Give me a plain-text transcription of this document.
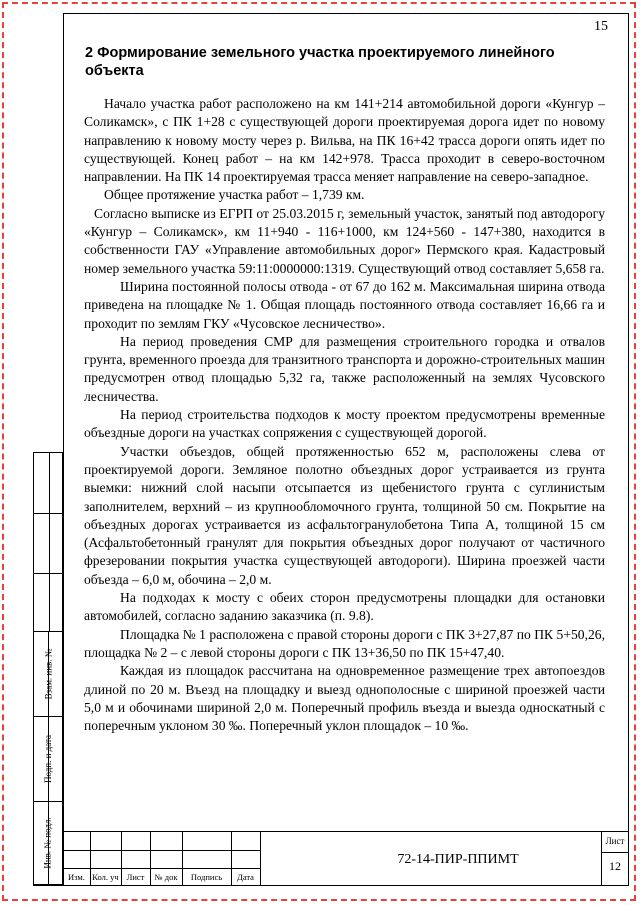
15
2 Формирование земельного участка проектируемого линейного объекта

Начало участка работ расположено на км 141+214 автомобильной дороги «Кунгур – Соликамск», с ПК 1+28 с существующей дороги проектируемая дорога идет по новому направлению к новому мосту через р. Вильва, на ПК 16+42 трасса дороги опять идет по существующей. Конец работ – на км 142+978. Трасса проходит в северо-восточном направлении. На ПК 14 проектируемая трасса меняет направление на северо-западное.

Общее протяжение участка работ – 1,739 км.

Согласно выписке из ЕГРП от 25.03.2015 г, земельный участок, занятый под автодорогу «Кунгур – Соликамск», км 11+940 - 116+1000, км 124+560 - 147+380, находится в собственности ГАУ «Управление автомобильных дорог» Пермского края. Кадастровый номер земельного участка 59:11:0000000:1319. Существующий отвод составляет 5,658 га.

Ширина постоянной полосы отвода - от 67 до 162 м. Максимальная ширина отвода приведена на площадке № 1. Общая площадь постоянного отвода составляет 16,66 га и проходит по землям ГКУ «Чусовское лесничество».

На период проведения СМР для размещения строительного городка и отвалов грунта, временного проезда для транзитного транспорта и дорожно-строительных машин предусмотрен отвод площадью 5,32 га, также расположенный на землях Чусовского лесничества.

На период строительства подходов к мосту проектом предусмотрены временные объездные дороги на участках сопряжения с существующей дорогой.

Участки объездов, общей протяженностью 652 м, расположены слева от проектируемой дороги. Земляное полотно объездных дорог устраивается из грунта выемки: нижний слой насыпи отсыпается из щебенистого грунта с суглинистым заполнителем, верхний – из крупнообломочного грунта, толщиной 50 см. Покрытие на объездных дорогах устраивается из асфальтогранулобетона Типа А, толщиной 15 см (Асфальтобетонный гранулят для покрытия объездных дорог получают от частичного фрезеровании покрытия участка существующей автодороги). Ширина проезжей части объезда – 6,0 м, обочина – 2,0 м.

На подходах к мосту с обеих сторон предусмотрены площадки для остановки автомобилей, согласно заданию заказчика (п. 9.8).

Площадка № 1 расположена с правой стороны дороги с ПК 3+27,87 по ПК 5+50,26, площадка № 2 – с левой стороны дороги с ПК 13+36,50 по ПК 15+47,40.

Каждая из площадок рассчитана на одновременное размещение трех автопоездов длиной по 20 м. Въезд на площадку и выезд однополосные с шириной проезжей части 5,0 м и обочинами шириной 2,0 м. Поперечный профиль въезда и выезда односкатный с поперечным уклоном 30 ‰. Поперечный уклон площадок – 10 ‰.

Взам. инв. №
Подп. и дата
Инв. № подл.
Изм. Кол. уч Лист	№ док	Подпись	Дата
72-14-ПИР-ППИМТ
Лист
12
